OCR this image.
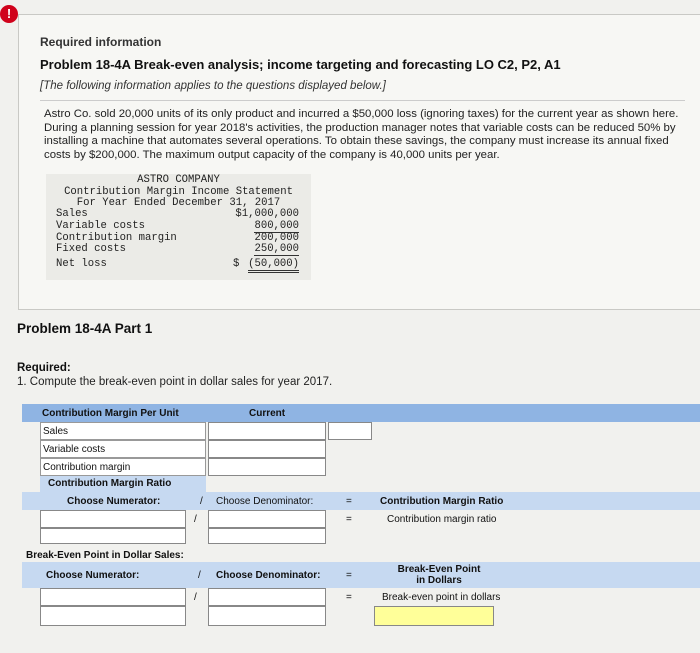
!
Required information
Problem 18-4A Break-even analysis; income targeting and forecasting LO C2, P2, A1
[The following information applies to the questions displayed below.]
Astro Co. sold 20,000 units of its only product and incurred a $50,000 loss (ignoring taxes) for the current year as shown here. During a planning session for year 2018's activities, the production manager notes that variable costs can be reduced 50% by installing a machine that automates several operations. To obtain these savings, the company must increase its annual fixed costs by $200,000. The maximum output capacity of the company is 40,000 units per year.
ASTRO COMPANY
Contribution Margin Income Statement
For Year Ended December 31, 2017
Sales	$1,000,000
Variable costs	800,000
Contribution margin	200,000
Fixed costs	250,000
Net loss	$ (50,000)
Problem 18-4A Part 1
Required:
1. Compute the break-even point in dollar sales for year 2017.
Contribution Margin Per Unit	Current
Sales
Variable costs
Contribution margin
Contribution Margin Ratio
Choose Numerator:	/ Choose Denominator:	=	Contribution Margin Ratio
/	=	Contribution margin ratio
Break-Even Point in Dollar Sales:
Choose Numerator:	/ Choose Denominator:	=
Break-Even Point in Dollars
/	=	Break-even point in dollars
